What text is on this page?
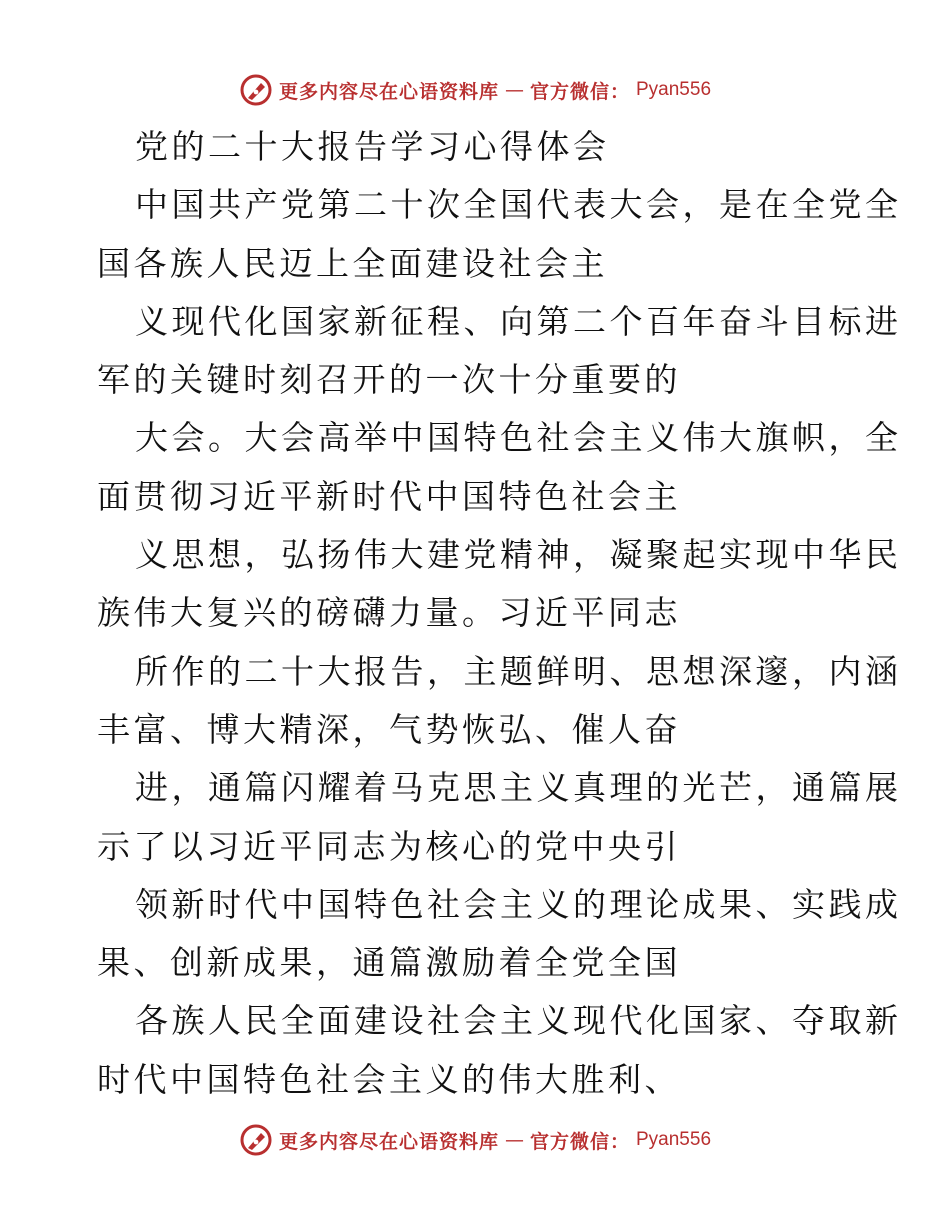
更多内容尽在心语资料库 — 官方微信： Pyan556
党的二十大报告学习心得体会
中国共产党第二十次全国代表大会，是在全党全
国各族人民迈上全面建设社会主
义现代化国家新征程、向第二个百年奋斗目标进
军的关键时刻召开的一次十分重要的
大会。大会高举中国特色社会主义伟大旗帜，全
面贯彻习近平新时代中国特色社会主
义思想，弘扬伟大建党精神，凝聚起实现中华民
族伟大复兴的磅礴力量。习近平同志
所作的二十大报告，主题鲜明、思想深邃，内涵
丰富、博大精深，气势恢弘、催人奋
进，通篇闪耀着马克思主义真理的光芒，通篇展
示了以习近平同志为核心的党中央引
领新时代中国特色社会主义的理论成果、实践成
果、创新成果，通篇激励着全党全国
各族人民全面建设社会主义现代化国家、夺取新
时代中国特色社会主义的伟大胜利、
更多内容尽在心语资料库 — 官方微信： Pyan556
